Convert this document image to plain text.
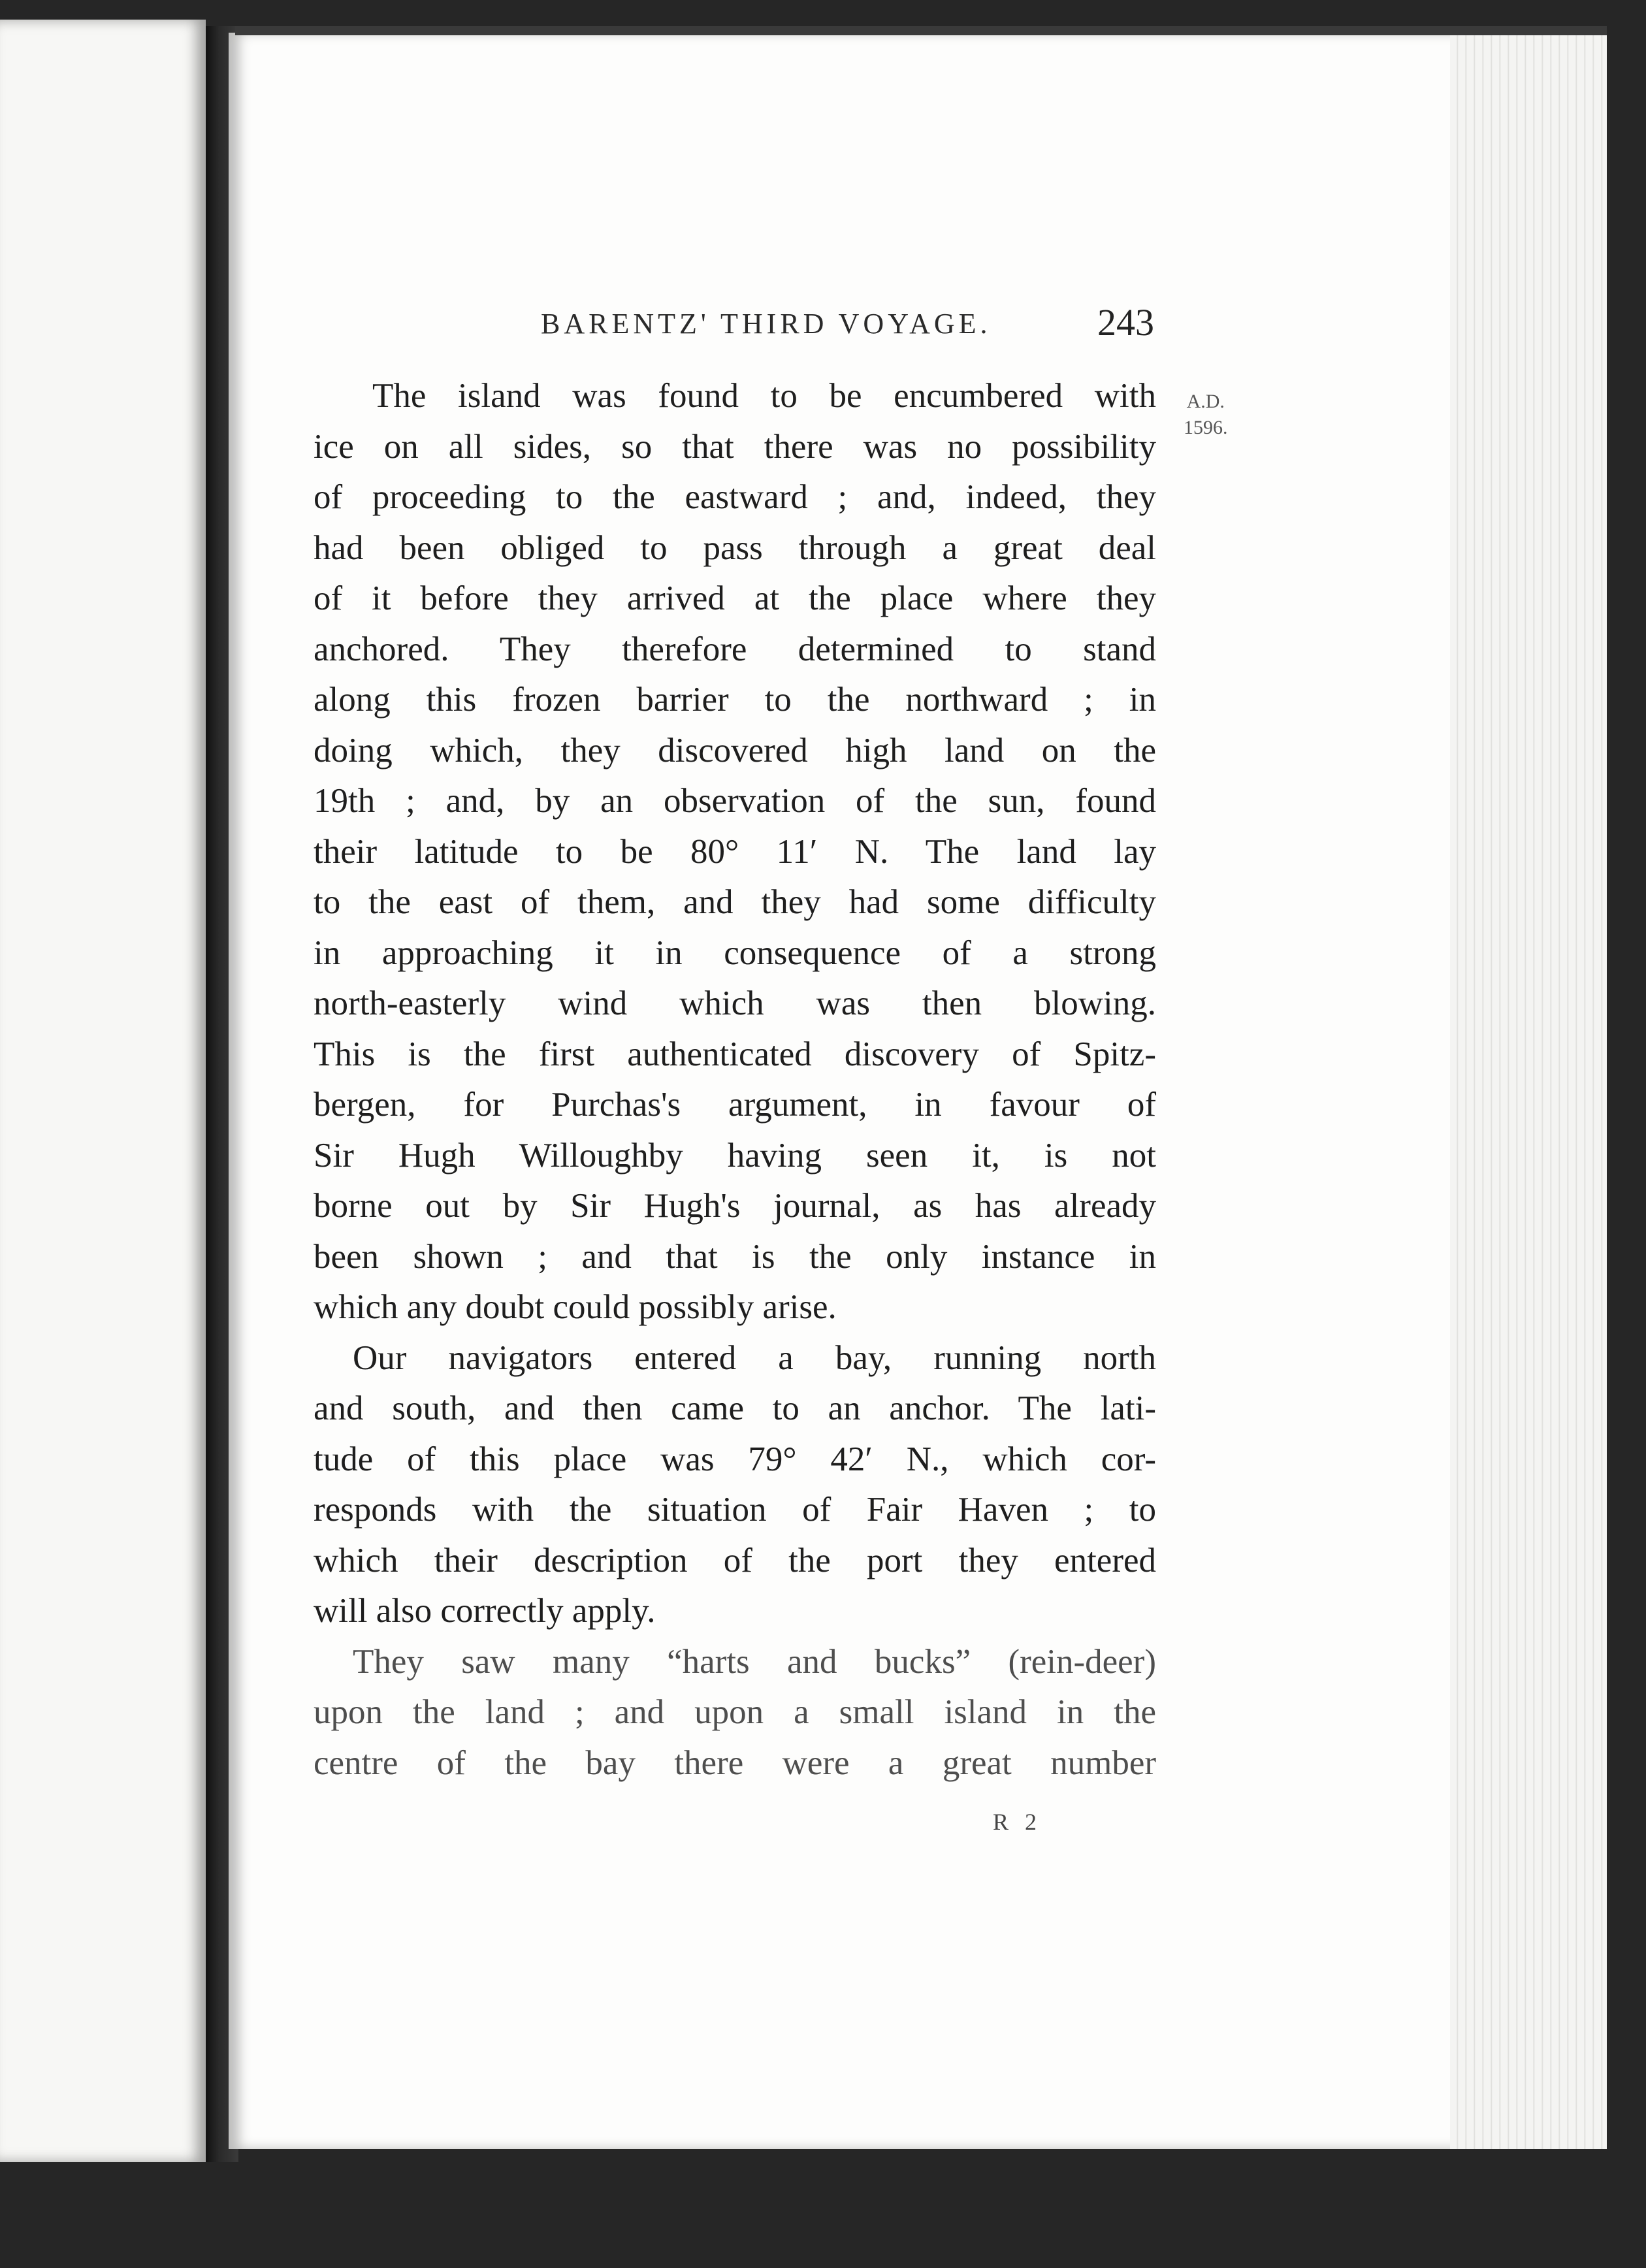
BARENTZ' THIRD VOYAGE.	243
A.D.
1596.
The island was found to be encumbered with
ice on all sides, so that there was no possibility
of proceeding to the eastward ; and, indeed, they
had been obliged to pass through a great deal
of it before they arrived at the place where they
anchored. They therefore determined to stand
along this frozen barrier to the northward ; in
doing which, they discovered high land on the
19th ; and, by an observation of the sun, found
their latitude to be 80° 11′ N. The land lay
to the east of them, and they had some difficulty
in approaching it in consequence of a strong
north-easterly wind which was then blowing.
This is the first authenticated discovery of Spitz-
bergen, for Purchas's argument, in favour of
Sir Hugh Willoughby having seen it, is not
borne out by Sir Hugh's journal, as has already
been shown ; and that is the only instance in
which any doubt could possibly arise.
Our navigators entered a bay, running north
and south, and then came to an anchor. The lati-
tude of this place was 79° 42′ N., which cor-
responds with the situation of Fair Haven ; to
which their description of the port they entered
will also correctly apply.
They saw many “harts and bucks” (rein-deer)
upon the land ; and upon a small island in the
centre of the bay there were a great number
R 2
